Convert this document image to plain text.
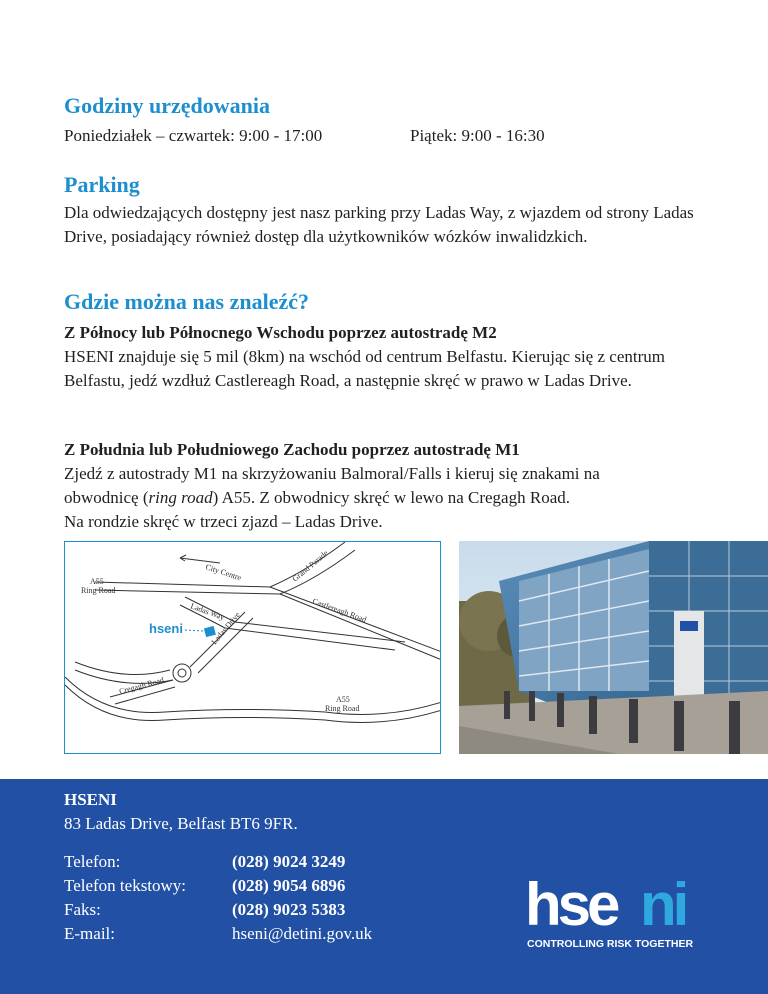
Godziny urzędowania
Poniedziałek – czwartek: 9:00 - 17:00	Piątek: 9:00 - 16:30
Parking
Dla odwiedzających dostępny jest nasz parking przy Ladas Way, z wjazdem od strony Ladas Drive, posiadający również dostęp dla użytkowników wózków inwalidzkich.
Gdzie można nas znaleźć?
Z Północy lub Północnego Wschodu poprzez autostradę M2
HSENI znajduje się 5 mil (8km) na wschód od centrum Belfastu. Kierując się z centrum Belfastu, jedź wzdłuż Castlereagh Road, a następnie skręć w prawo w Ladas Drive.
Z Południa lub Południowego Zachodu poprzez autostradę M1
Zjedź z autostrady M1 na skrzyżowaniu Balmoral/Falls i kieruj się znakami na
obwodnicę (ring road) A55. Z obwodnicy skręć w lewo na Cregagh Road.
Na rondzie skręć w trzeci zjazd – Ladas Drive.
City Centre	Grand Parade
A55
Ring Road
Castlereagh Road
Ladas Way
Ladas Drive
hseni
Cregagh Road
A55
Ring Road
HSENI
83 Ladas Drive, Belfast BT6 9FR.
Telefon:	(028) 9024 3249
Telefon tekstowy:	(028) 9054 6896
Faks:	(028) 9023 5383
E-mail:	hseni@detini.gov.uk	hse ni
CONTROLLING RISK TOGETHER
